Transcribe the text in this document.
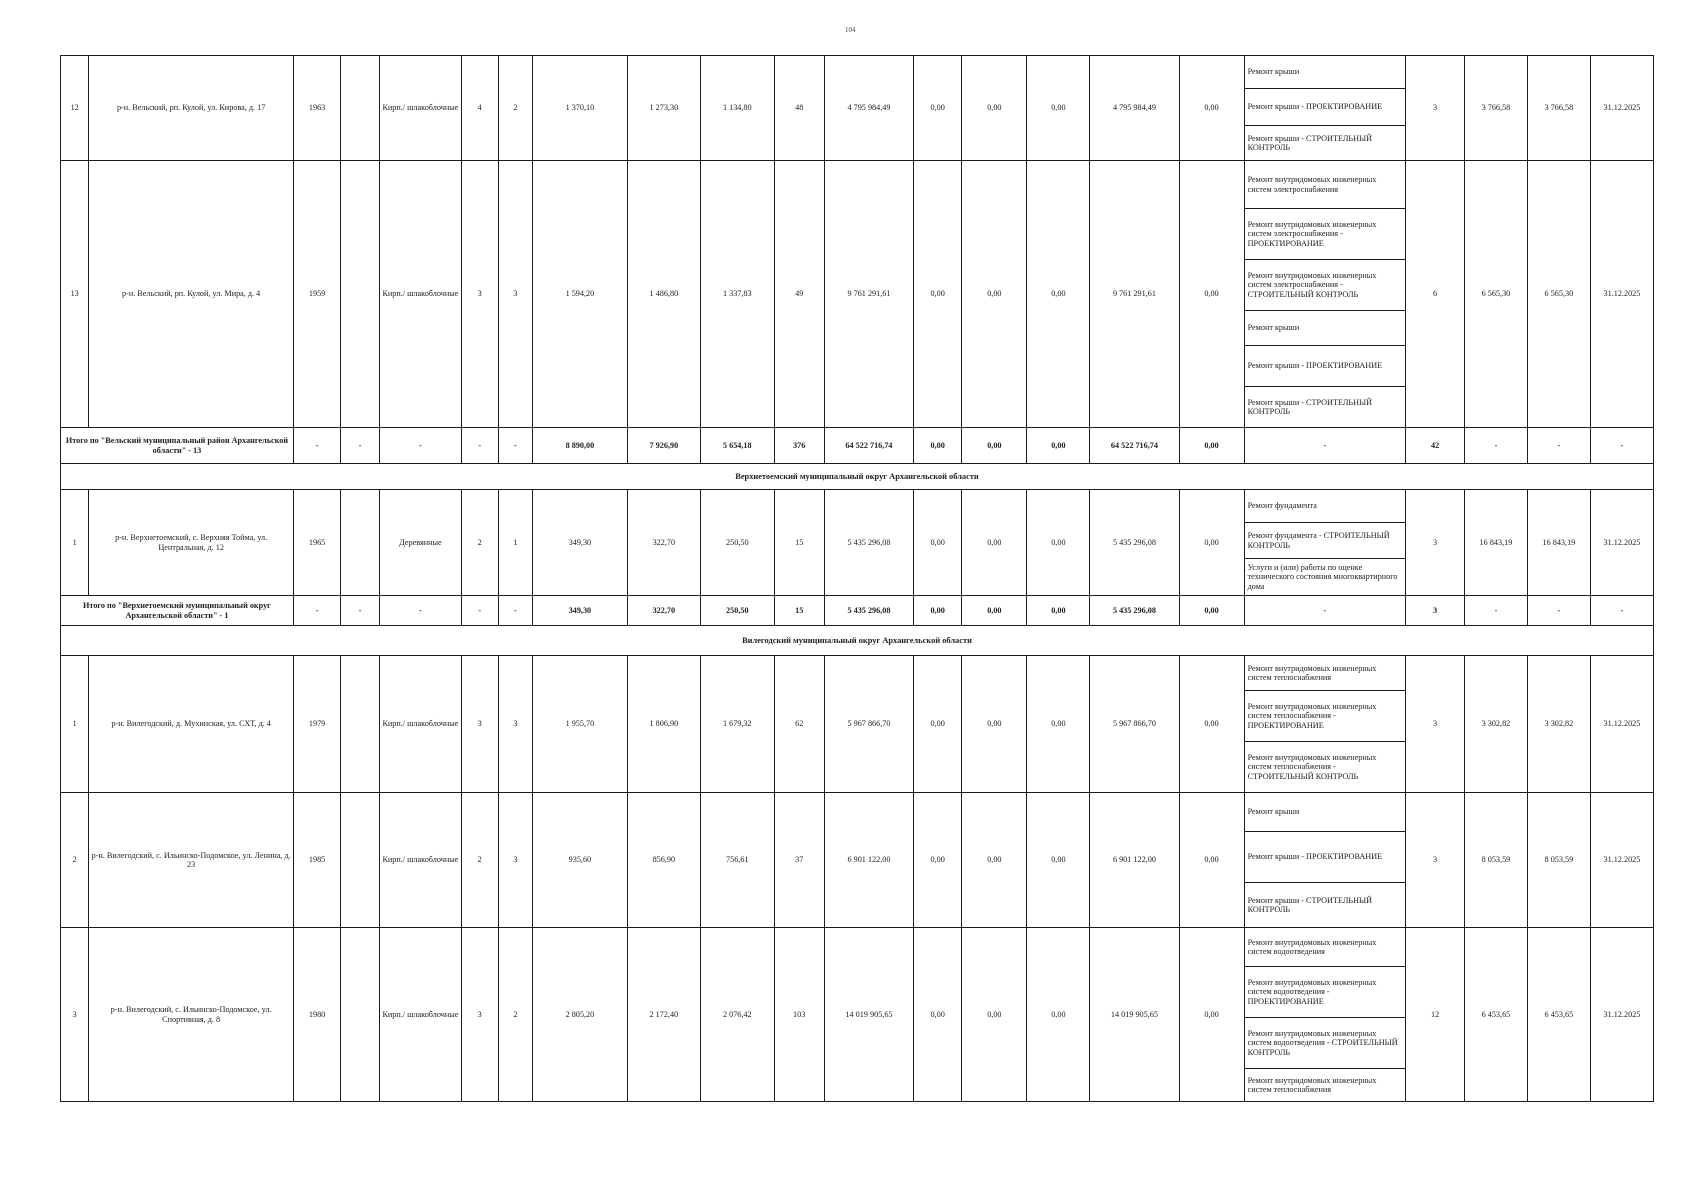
104
12	р-н. Вельский, рп. Кулой, ул. Кирова, д. 17	1963		Кирп./ шлакоблочные	4	2	1 370,10	1 273,30	1 134,80	48	4 795 984,49	0,00	0,00	0,00	4 795 984,49	0,00	Ремонт крыши	3	3 766,58	3 766,58	31.12.2025
																	Ремонт крыши - ПРОЕКТИРОВАНИЕ				
																	Ремонт крыши - СТРОИТЕЛЬНЫЙ КОНТРОЛЬ				
13	р-н. Вельский, рп. Кулой, ул. Мира, д. 4	1959		Кирп./ шлакоблочные	3	3	1 594,20	1 486,80	1 337,83	49	9 761 291,61	0,00	0,00	0,00	9 761 291,61	0,00	Ремонт внутридомовых инженерных систем электроснабжения	6	6 565,30	6 565,30	31.12.2025
																	Ремонт внутридомовых инженерных систем электроснабжения - ПРОЕКТИРОВАНИЕ				
																	Ремонт внутридомовых инженерных систем электроснабжения - СТРОИТЕЛЬНЫЙ КОНТРОЛЬ				
																	Ремонт крыши				
																	Ремонт крыши - ПРОЕКТИРОВАНИЕ				
																	Ремонт крыши - СТРОИТЕЛЬНЫЙ КОНТРОЛЬ				
Итого по "Вельский муниципальный район Архангельской области" - 13		-	-	-	-	-	8 890,00	7 926,90	5 654,18	376	64 522 716,74	0,00	0,00	0,00	64 522 716,74	0,00	-	42	-	-	-
Верхнетоемский муниципальный округ Архангельской области																					
1	р-н. Верхнетоемский, с. Верхняя Тойма, ул. Центральная, д. 12	1965		Деревянные	2	1	349,30	322,70	250,50	15	5 435 296,08	0,00	0,00	0,00	5 435 296,08	0,00	Ремонт фундамента	3	16 843,19	16 843,19	31.12.2025
																	Ремонт фундамента - СТРОИТЕЛЬНЫЙ КОНТРОЛЬ				
																	Услуги и (или) работы по оценке технического состояния многоквартирного дома				
Итого по "Верхнетоемский муниципальный округ Архангельской области" - 1		-	-	-	-	-	349,30	322,70	250,50	15	5 435 296,08	0,00	0,00	0,00	5 435 296,08	0,00	-	3	-	-	-
Вилегодский муниципальный округ Архангельской области																					
1	р-н. Вилегодский, д. Мухинская, ул. СХТ, д. 4	1979		Кирп./ шлакоблочные	3	3	1 955,70	1 806,90	1 679,32	62	5 967 866,70	0,00	0,00	0,00	5 967 866,70	0,00	Ремонт внутридомовых инженерных систем теплоснабжения	3	3 302,82	3 302,82	31.12.2025
																	Ремонт внутридомовых инженерных систем теплоснабжения - ПРОЕКТИРОВАНИЕ				
																	Ремонт внутридомовых инженерных систем теплоснабжения - СТРОИТЕЛЬНЫЙ КОНТРОЛЬ				
2	р-н. Вилегодский, с. Ильинско-Подомское, ул. Ленина, д. 23	1985		Кирп./ шлакоблочные	2	3	935,60	856,90	756,61	37	6 901 122,00	0,00	0,00	0,00	6 901 122,00	0,00	Ремонт крыши	3	8 053,59	8 053,59	31.12.2025
																	Ремонт крыши - ПРОЕКТИРОВАНИЕ				
																	Ремонт крыши - СТРОИТЕЛЬНЫЙ КОНТРОЛЬ				
3	р-н. Вилегодский, с. Ильинско-Подомское, ул. Спортивная, д. 8	1980		Кирп./ шлакоблочные	3	2	2 805,20	2 172,40	2 076,42	103	14 019 905,65	0,00	0,00	0,00	14 019 905,65	0,00	Ремонт внутридомовых инженерных систем водоотведения	12	6 453,65	6 453,65	31.12.2025
																	Ремонт внутридомовых инженерных систем водоотведения - ПРОЕКТИРОВАНИЕ				
																	Ремонт внутридомовых инженерных систем водоотведения - СТРОИТЕЛЬНЫЙ КОНТРОЛЬ				
																	Ремонт внутридомовых инженерных систем теплоснабжения				
